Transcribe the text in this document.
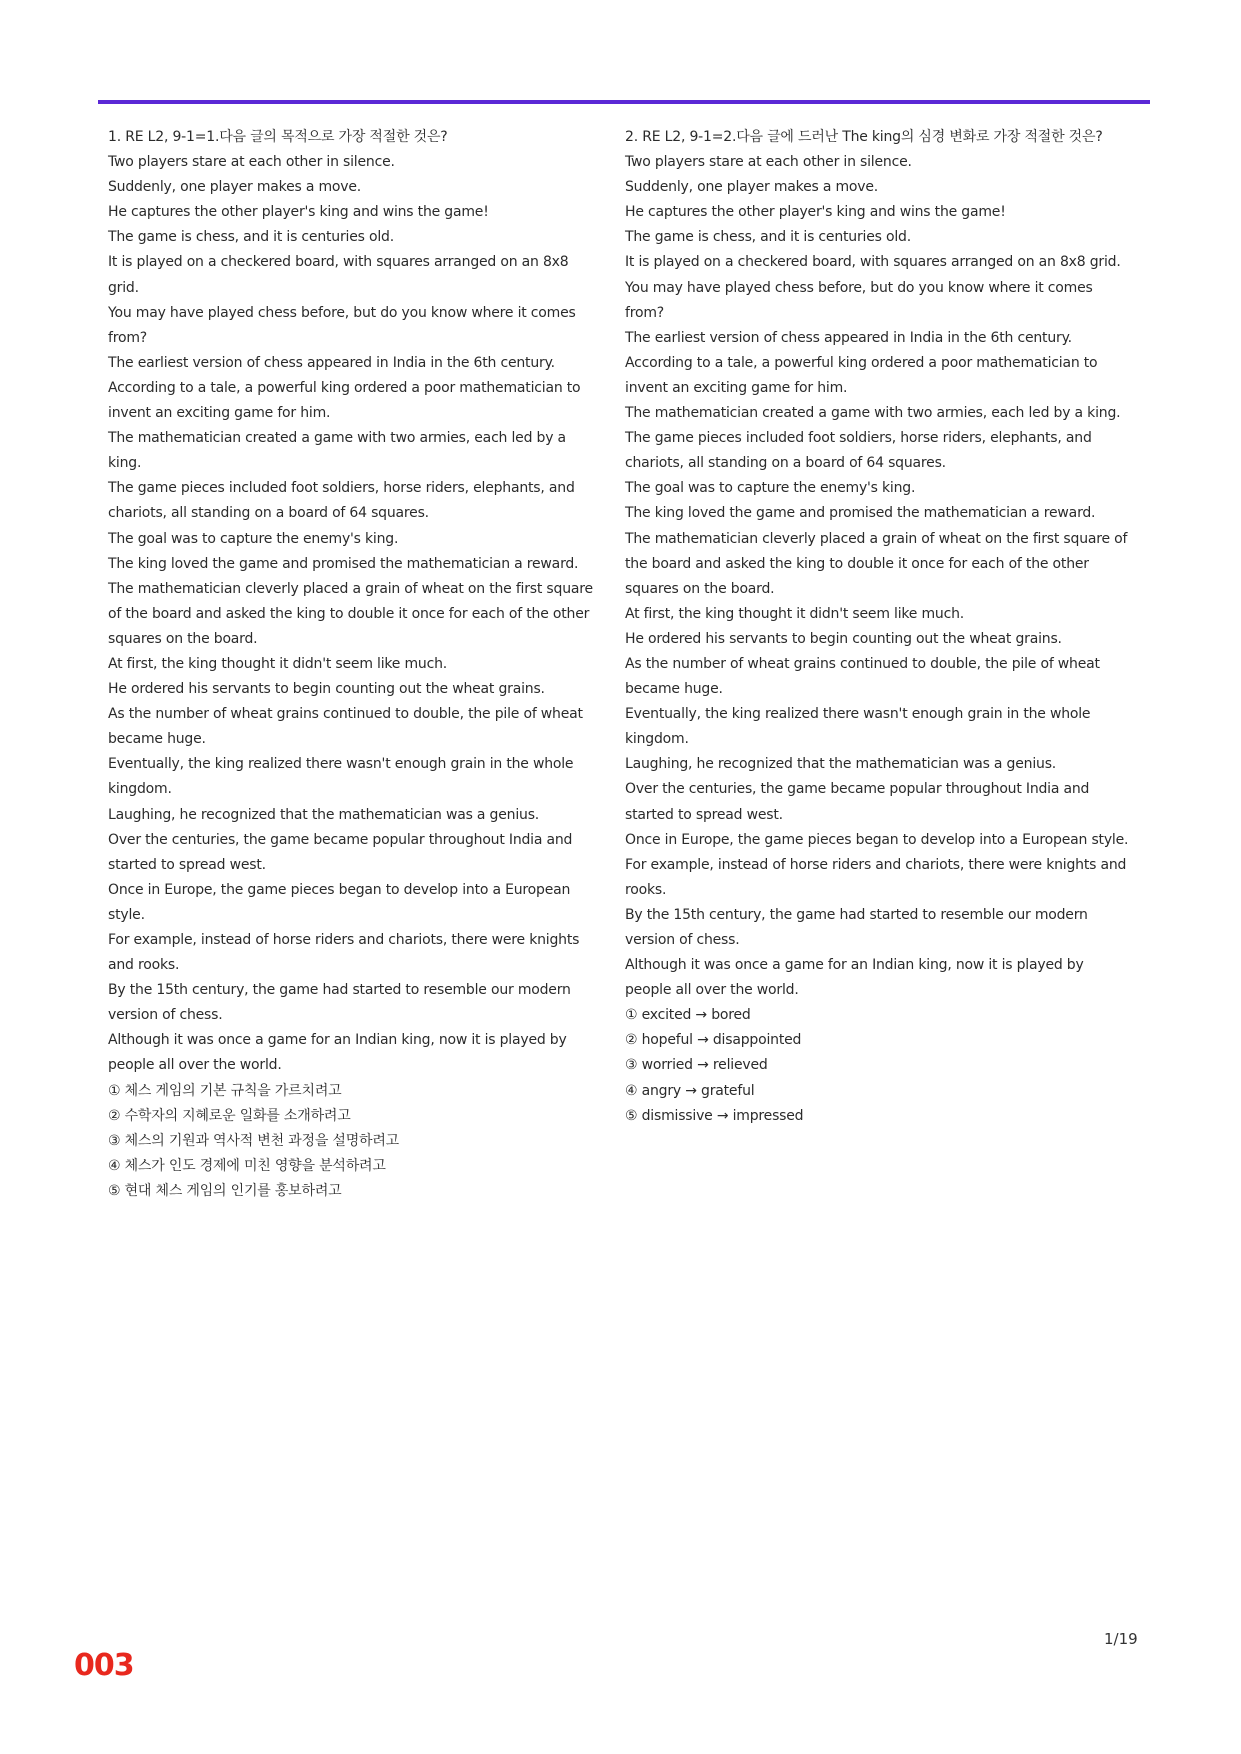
1. RE L2, 9-1=1.다음 글의 목적으로 가장 적절한 것은?
Two players stare at each other in silence.
Suddenly, one player makes a move.
He captures the other player's king and wins the game!
The game is chess, and it is centuries old.
It is played on a checkered board, with squares arranged on an 8x8 grid.
You may have played chess before, but do you know where it comes from?
The earliest version of chess appeared in India in the 6th century.
According to a tale, a powerful king ordered a poor mathematician to invent an exciting game for him.
The mathematician created a game with two armies, each led by a king.
The game pieces included foot soldiers, horse riders, elephants, and chariots, all standing on a board of 64 squares.
The goal was to capture the enemy's king.
The king loved the game and promised the mathematician a reward.
The mathematician cleverly placed a grain of wheat on the first square of the board and asked the king to double it once for each of the other squares on the board.
At first, the king thought it didn't seem like much.
He ordered his servants to begin counting out the wheat grains.
As the number of wheat grains continued to double, the pile of wheat became huge.
Eventually, the king realized there wasn't enough grain in the whole kingdom.
Laughing, he recognized that the mathematician was a genius.
Over the centuries, the game became popular throughout India and started to spread west.
Once in Europe, the game pieces began to develop into a European style.
For example, instead of horse riders and chariots, there were knights and rooks.
By the 15th century, the game had started to resemble our modern version of chess.
Although it was once a game for an Indian king, now it is played by people all over the world.
① 체스 게임의 기본 규칙을 가르치려고
② 수학자의 지혜로운 일화를 소개하려고
③ 체스의 기원과 역사적 변천 과정을 설명하려고
④ 체스가 인도 경제에 미친 영향을 분석하려고
⑤ 현대 체스 게임의 인기를 홍보하려고
2. RE L2, 9-1=2.다음 글에 드러난 The king의 심경 변화로 가장 적절한 것은?
Two players stare at each other in silence.
Suddenly, one player makes a move.
He captures the other player's king and wins the game!
The game is chess, and it is centuries old.
It is played on a checkered board, with squares arranged on an 8x8 grid.
You may have played chess before, but do you know where it comes from?
The earliest version of chess appeared in India in the 6th century.
According to a tale, a powerful king ordered a poor mathematician to invent an exciting game for him.
The mathematician created a game with two armies, each led by a king.
The game pieces included foot soldiers, horse riders, elephants, and chariots, all standing on a board of 64 squares.
The goal was to capture the enemy's king.
The king loved the game and promised the mathematician a reward.
The mathematician cleverly placed a grain of wheat on the first square of the board and asked the king to double it once for each of the other squares on the board.
At first, the king thought it didn't seem like much.
He ordered his servants to begin counting out the wheat grains.
As the number of wheat grains continued to double, the pile of wheat became huge.
Eventually, the king realized there wasn't enough grain in the whole kingdom.
Laughing, he recognized that the mathematician was a genius.
Over the centuries, the game became popular throughout India and started to spread west.
Once in Europe, the game pieces began to develop into a European style.
For example, instead of horse riders and chariots, there were knights and rooks.
By the 15th century, the game had started to resemble our modern version of chess.
Although it was once a game for an Indian king, now it is played by people all over the world.
① excited → bored
② hopeful → disappointed
③ worried → relieved
④ angry → grateful
⑤ dismissive → impressed
1/19
003
